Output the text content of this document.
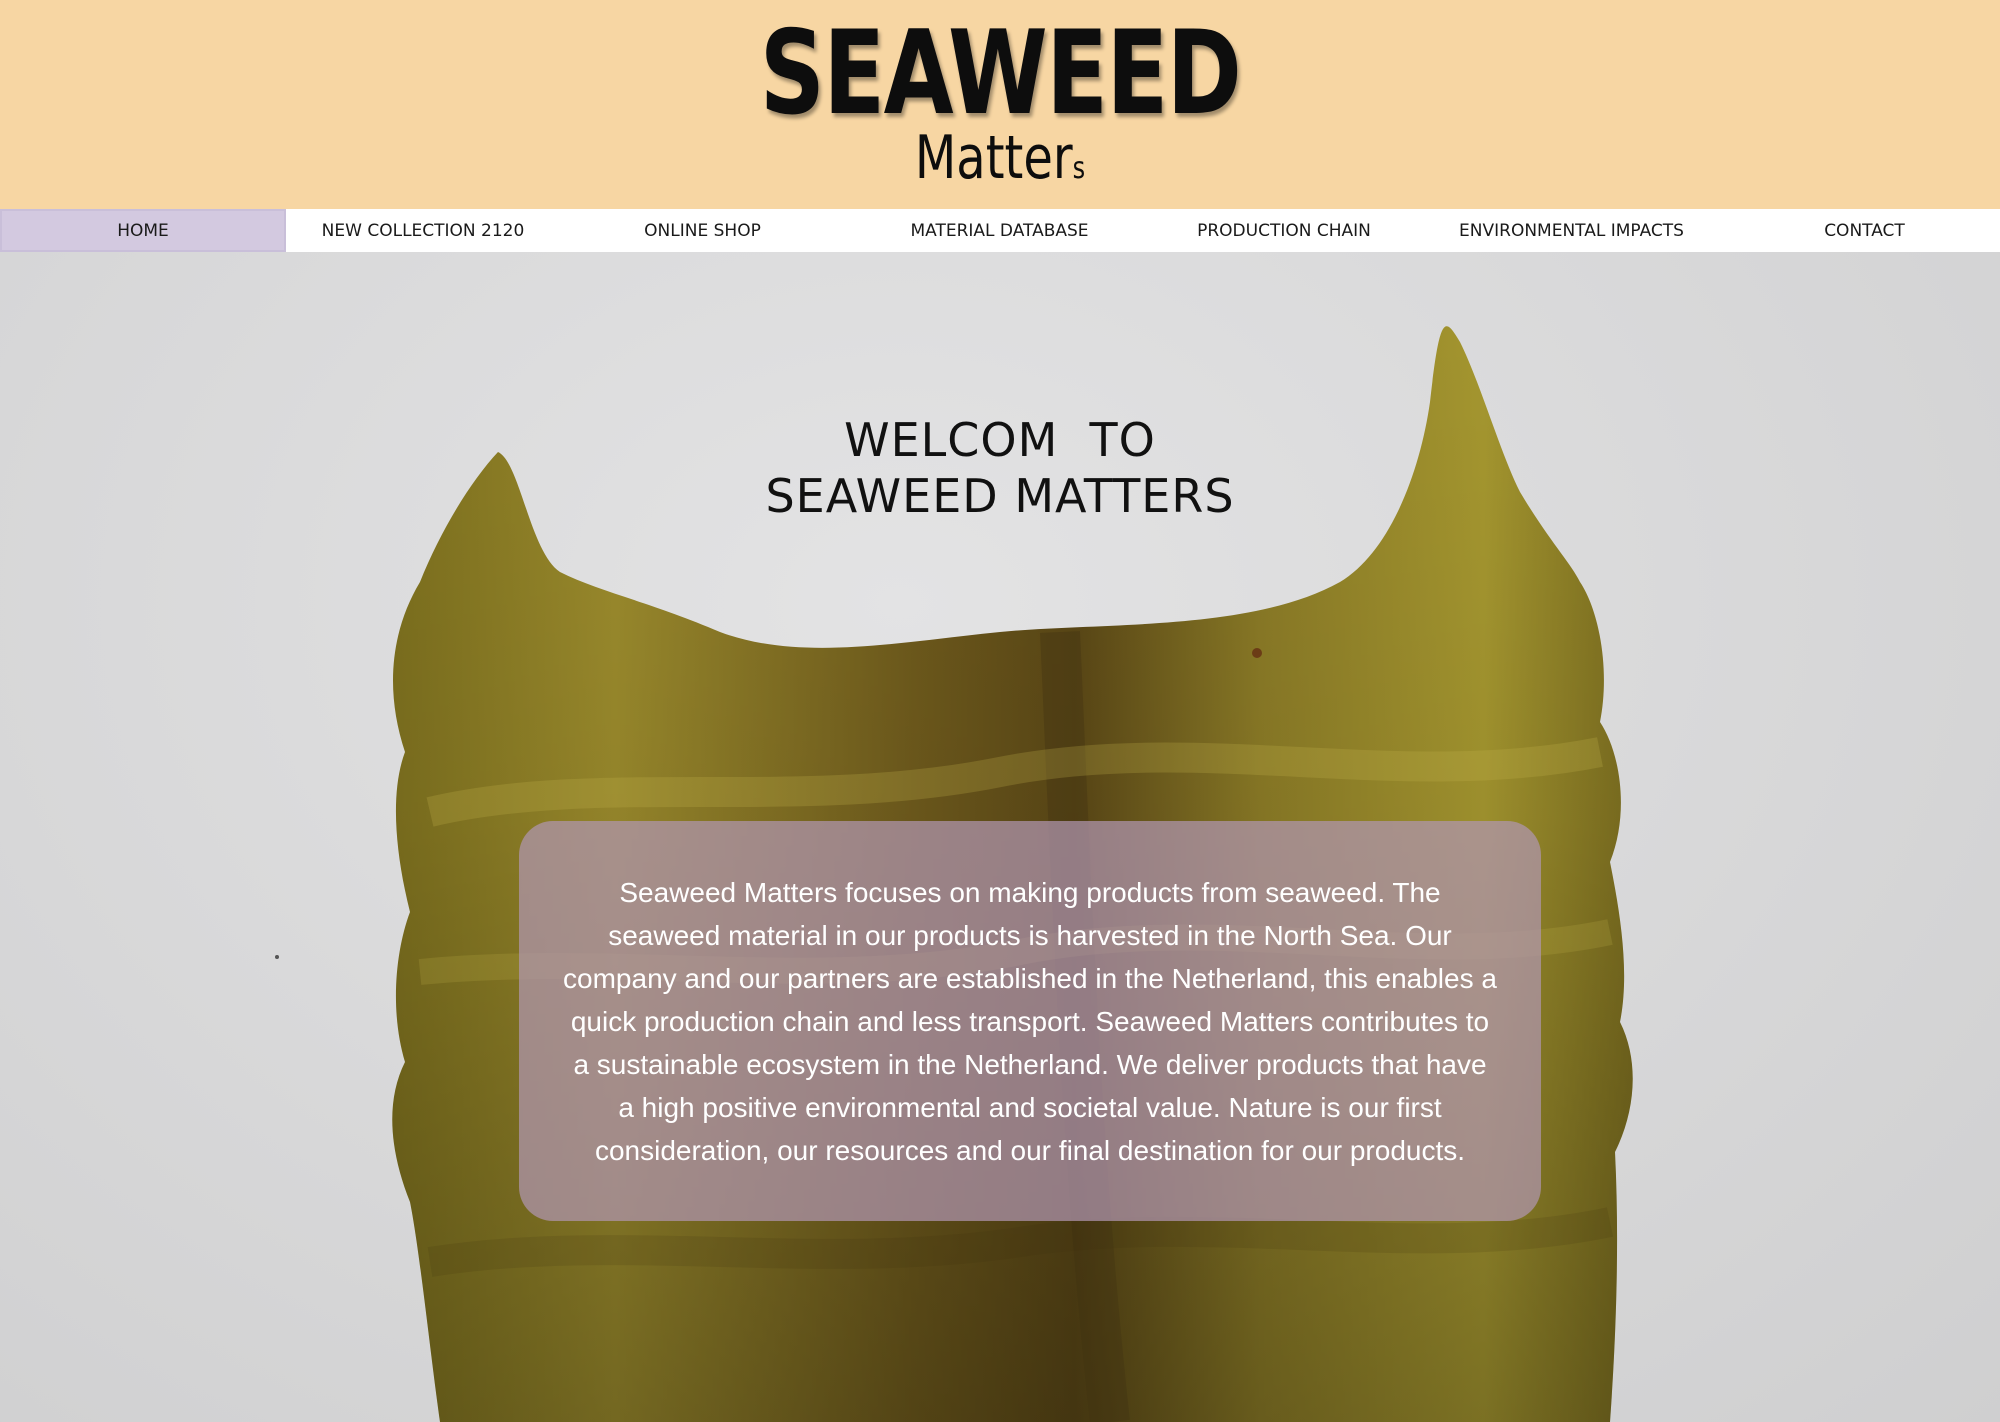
SEAWEED
Matters
HOME	NEW COLLECTION 2120	ONLINE SHOP	MATERIAL DATABASE	PRODUCTION CHAIN	ENVIRONMENTAL IMPACTS	CONTACT
WELCOM  TO
SEAWEED MATTERS

Seaweed Matters focuses on making products from seaweed. The seaweed material in our products is harvested in the North Sea. Our company and our partners are established in the Netherland, this enables a quick production chain and less transport. Seaweed Matters contributes to a sustainable ecosystem in the Netherland. We deliver products that have a high positive environmental and societal value. Nature is our first consideration, our resources and our final destination for our products.
